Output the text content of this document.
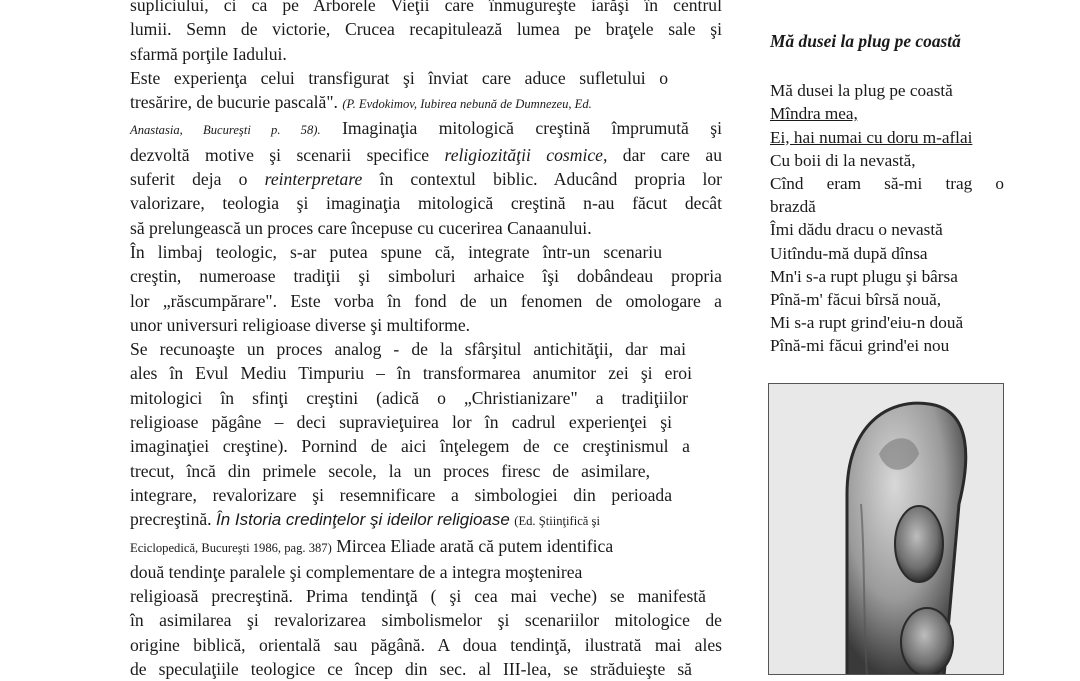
supliciului, ci ca pe Arborele Vieţii care înmugureşte iarăşi în centrul
lumii. Semn de victorie, Crucea recapitulează lumea pe braţele sale şi
sfarmă porţile Iadului.
Este experienţa celui transfigurat şi înviat care aduce sufletului o
tresărire, de bucurie pascală". (P. Evdokimov, Iubirea nebună de Dumnezeu, Ed.
Anastasia, Bucureşti p. 58). Imaginaţia mitologică creştină împrumută şi
dezvoltă motive şi scenarii specifice religiozităţii cosmice, dar care au
suferit deja o reinterpretare în contextul biblic. Aducând propria lor
valorizare, teologia şi imaginaţia mitologică creştină n-au făcut decât
să prelungească un proces care începuse cu cucerirea Canaanului.
În limbaj teologic, s-ar putea spune că, integrate într-un scenariu
creştin, numeroase tradiţii şi simboluri arhaice îşi dobândeau propria
lor „răscumpărare". Este vorba în fond de un fenomen de omologare a
unor universuri religioase diverse şi multiforme.
Se recunoaşte un proces analog - de la sfârşitul antichităţii, dar mai
ales în Evul Mediu Timpuriu – în transformarea anumitor zei şi eroi
mitologici în sfinţi creştini (adică o „Christianizare" a tradiţiilor
religioase păgâne – deci supravieţuirea lor în cadrul experienţei şi
imaginaţiei creştine). Pornind de aici înţelegem de ce creştinismul a
trecut, încă din primele secole, la un proces firesc de asimilare,
integrare, revalorizare şi resemnificare a simbologiei din perioada
precreştină. În Istoria credinţelor şi ideilor religioase (Ed. Ştiinţifică şi
Eciclopedică, Bucureşti 1986, pag. 387) Mircea Eliade arată că putem identifica
două tendinţe paralele şi complementare de a integra moştenirea
religioasă precreştină. Prima tendinţă ( şi cea mai veche) se manifestă
în asimilarea şi revalorizarea simbolismelor şi scenariilor mitologice de
origine biblică, orientală sau păgână. A doua tendinţă, ilustrată mai ales
de speculaţiile teologice ce încep din sec. al III-lea, se străduieşte să
Mă dusei la plug pe coastă
Mă dusei la plug pe coastă
Mîndra mea,
Ei, hai numai cu doru m-aflai
Cu boii di la nevastă,
Cînd eram să-mi trag o
brazdă
Îmi dădu dracu o nevastă
Uitîndu-mă după dînsa
Mn'i s-a rupt plugu şi bârsa
Pînă-m' făcui bîrsă nouă,
Mi s-a rupt grind'eiu-n două
Pînă-mi făcui grind'ei nou
